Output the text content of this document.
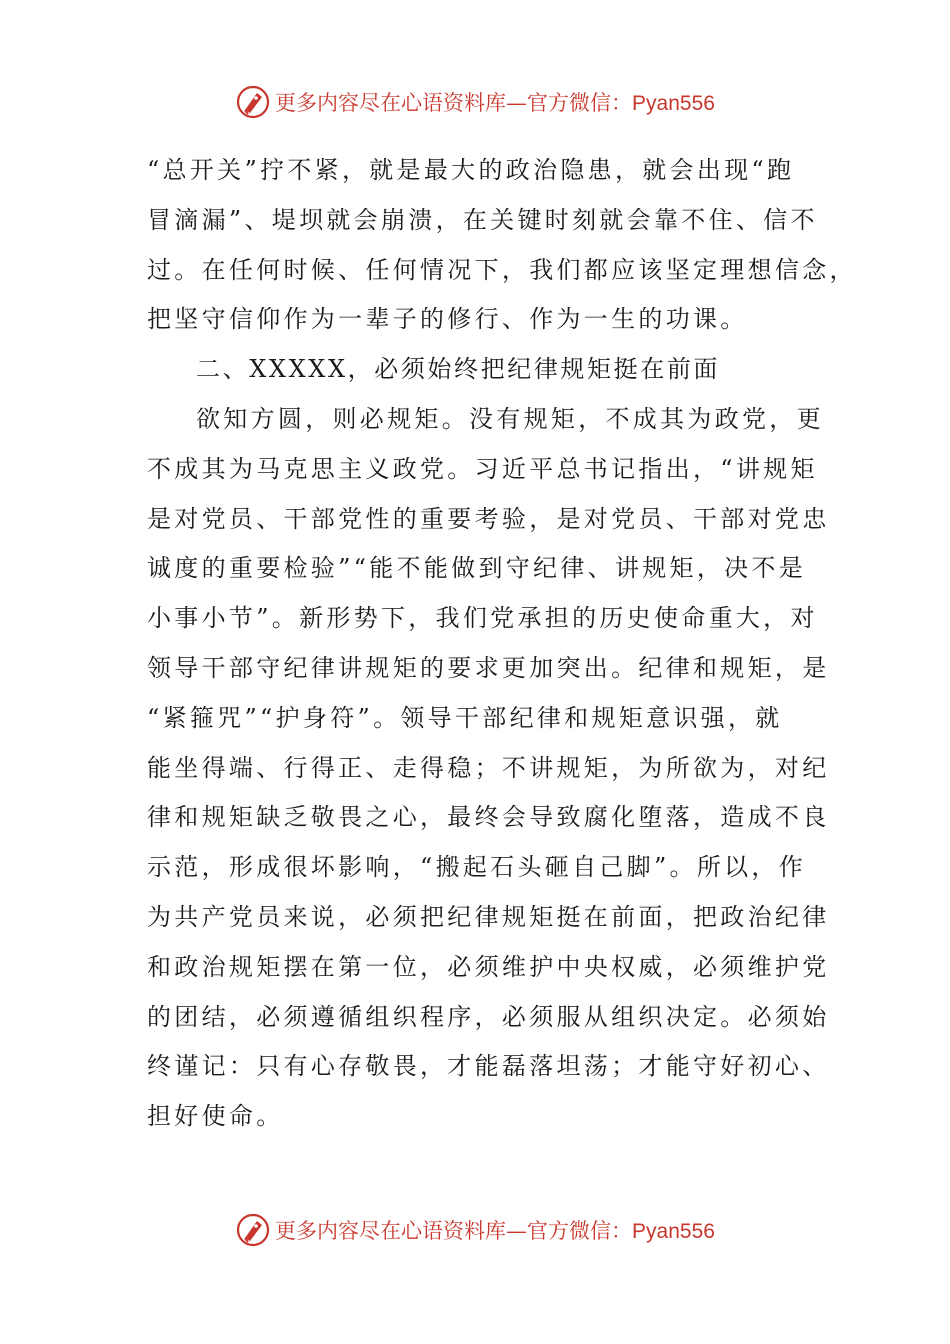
更多内容尽在心语资料库—官方微信：Pyan556
“总开关”拧不紧，就是最大的政治隐患，就会出现“跑
冒滴漏”、堤坝就会崩溃，在关键时刻就会靠不住、信不
过。在任何时候、任何情况下，我们都应该坚定理想信念，
把坚守信仰作为一辈子的修行、作为一生的功课。
二、XXXXX，必须始终把纪律规矩挺在前面
欲知方圆，则必规矩。没有规矩，不成其为政党，更
不成其为马克思主义政党。习近平总书记指出，“讲规矩
是对党员、干部党性的重要考验，是对党员、干部对党忠
诚度的重要检验”“能不能做到守纪律、讲规矩，决不是
小事小节”。新形势下，我们党承担的历史使命重大，对
领导干部守纪律讲规矩的要求更加突出。纪律和规矩，是
“紧箍咒”“护身符”。领导干部纪律和规矩意识强，就
能坐得端、行得正、走得稳；不讲规矩，为所欲为，对纪
律和规矩缺乏敬畏之心，最终会导致腐化堕落，造成不良
示范，形成很坏影响，“搬起石头砸自己脚”。所以，作
为共产党员来说，必须把纪律规矩挺在前面，把政治纪律
和政治规矩摆在第一位，必须维护中央权威，必须维护党
的团结，必须遵循组织程序，必须服从组织决定。必须始
终谨记：只有心存敬畏，才能磊落坦荡；才能守好初心、
担好使命。
更多内容尽在心语资料库—官方微信：Pyan556
